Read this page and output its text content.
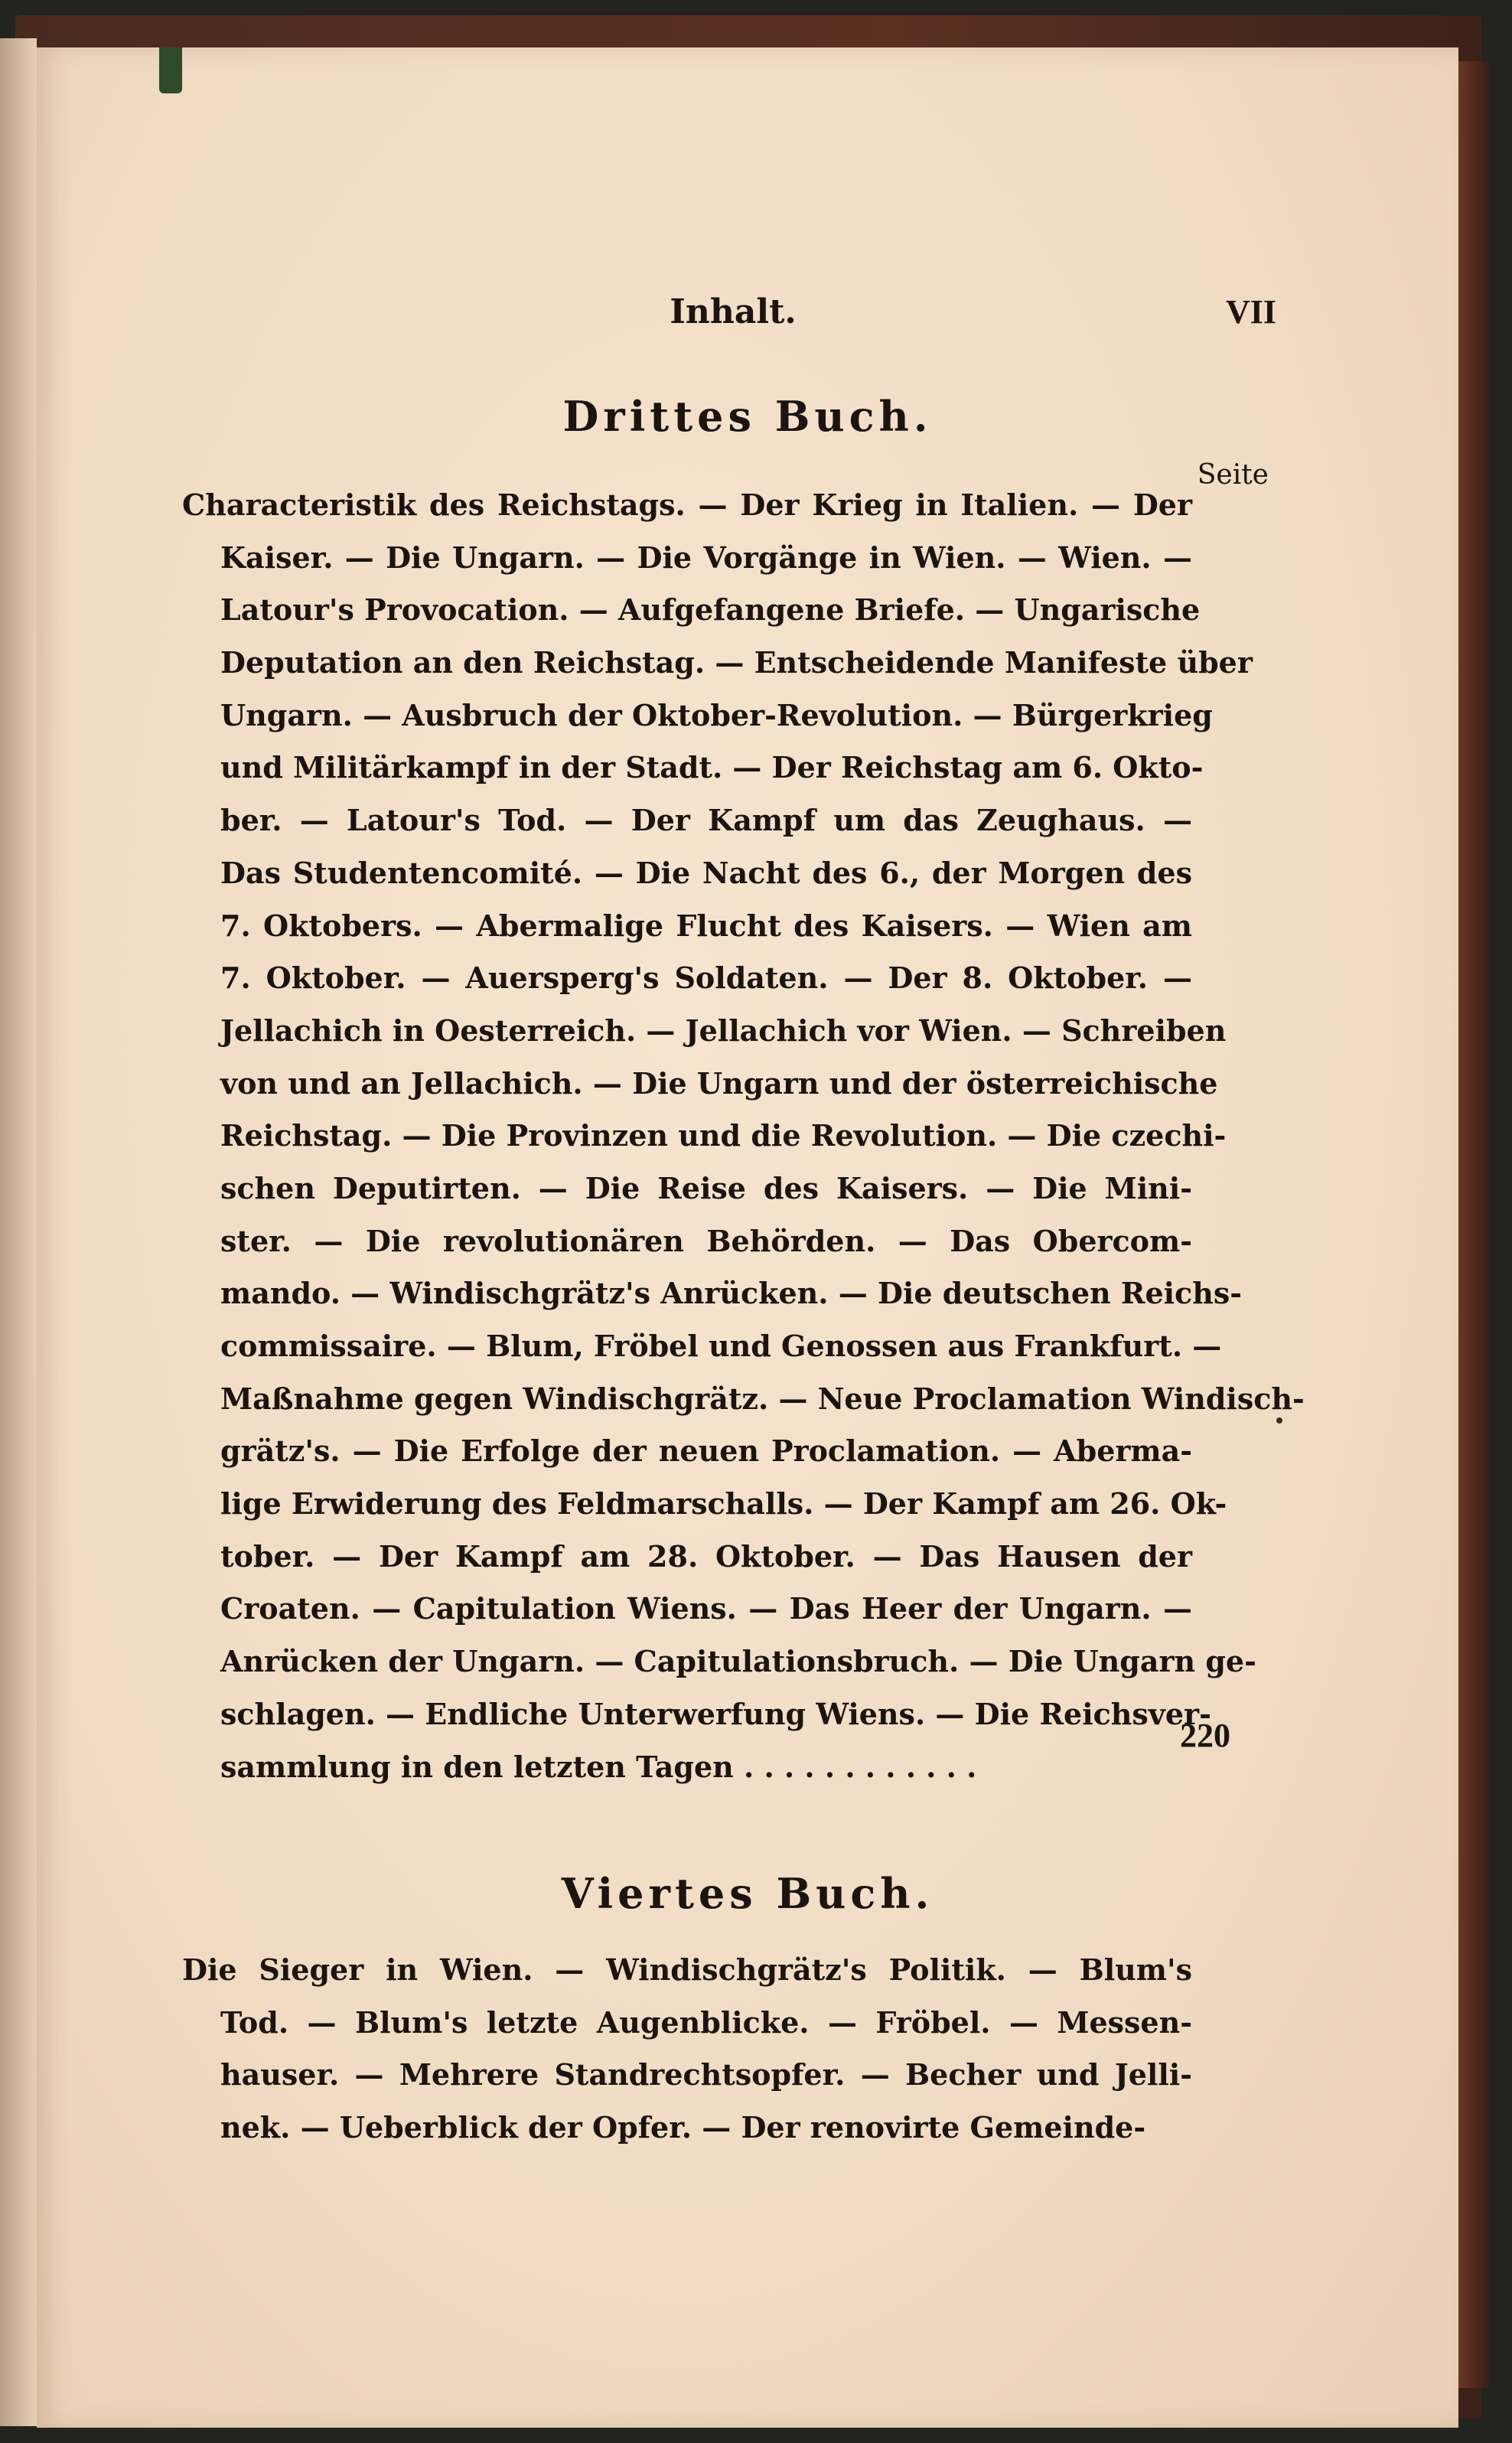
Inhalt.	VII
Drittes Buch.
Seite
Characteristik des Reichstags. — Der Krieg in Italien. — Der
Kaiser. — Die Ungarn. — Die Vorgänge in Wien. — Wien. —
Latour's Provocation. — Aufgefangene Briefe. — Ungarische
Deputation an den Reichstag. — Entscheidende Manifeste über
Ungarn. — Ausbruch der Oktober-Revolution. — Bürgerkrieg
und Militärkampf in der Stadt. — Der Reichstag am 6. Okto-
ber. — Latour's Tod. — Der Kampf um das Zeughaus. —
Das Studentencomité. — Die Nacht des 6., der Morgen des
7. Oktobers. — Abermalige Flucht des Kaisers. — Wien am
7. Oktober. — Auersperg's Soldaten. — Der 8. Oktober. —
Jellachich in Oesterreich. — Jellachich vor Wien. — Schreiben
von und an Jellachich. — Die Ungarn und der österreichische
Reichstag. — Die Provinzen und die Revolution. — Die czechi-
schen Deputirten. — Die Reise des Kaisers. — Die Mini-
ster. — Die revolutionären Behörden. — Das Obercom-
mando. — Windischgrätz's Anrücken. — Die deutschen Reichs-
commissaire. — Blum, Fröbel und Genossen aus Frankfurt. —
Maßnahme gegen Windischgrätz. — Neue Proclamation Windisch-
grätz's. — Die Erfolge der neuen Proclamation. — Aberma-
lige Erwiderung des Feldmarschalls. — Der Kampf am 26. Ok-
tober. — Der Kampf am 28. Oktober. — Das Hausen der
Croaten. — Capitulation Wiens. — Das Heer der Ungarn. —
Anrücken der Ungarn. — Capitulationsbruch. — Die Ungarn ge-
schlagen. — Endliche Unterwerfung Wiens. — Die Reichsver-
sammlung in den letzten Tagen . . . . . . . . . . . .
220
Viertes Buch.
Die Sieger in Wien. — Windischgrätz's Politik. — Blum's
Tod. — Blum's letzte Augenblicke. — Fröbel. — Messen-
hauser. — Mehrere Standrechtsopfer. — Becher und Jelli-
nek. — Ueberblick der Opfer. — Der renovirte Gemeinde-
